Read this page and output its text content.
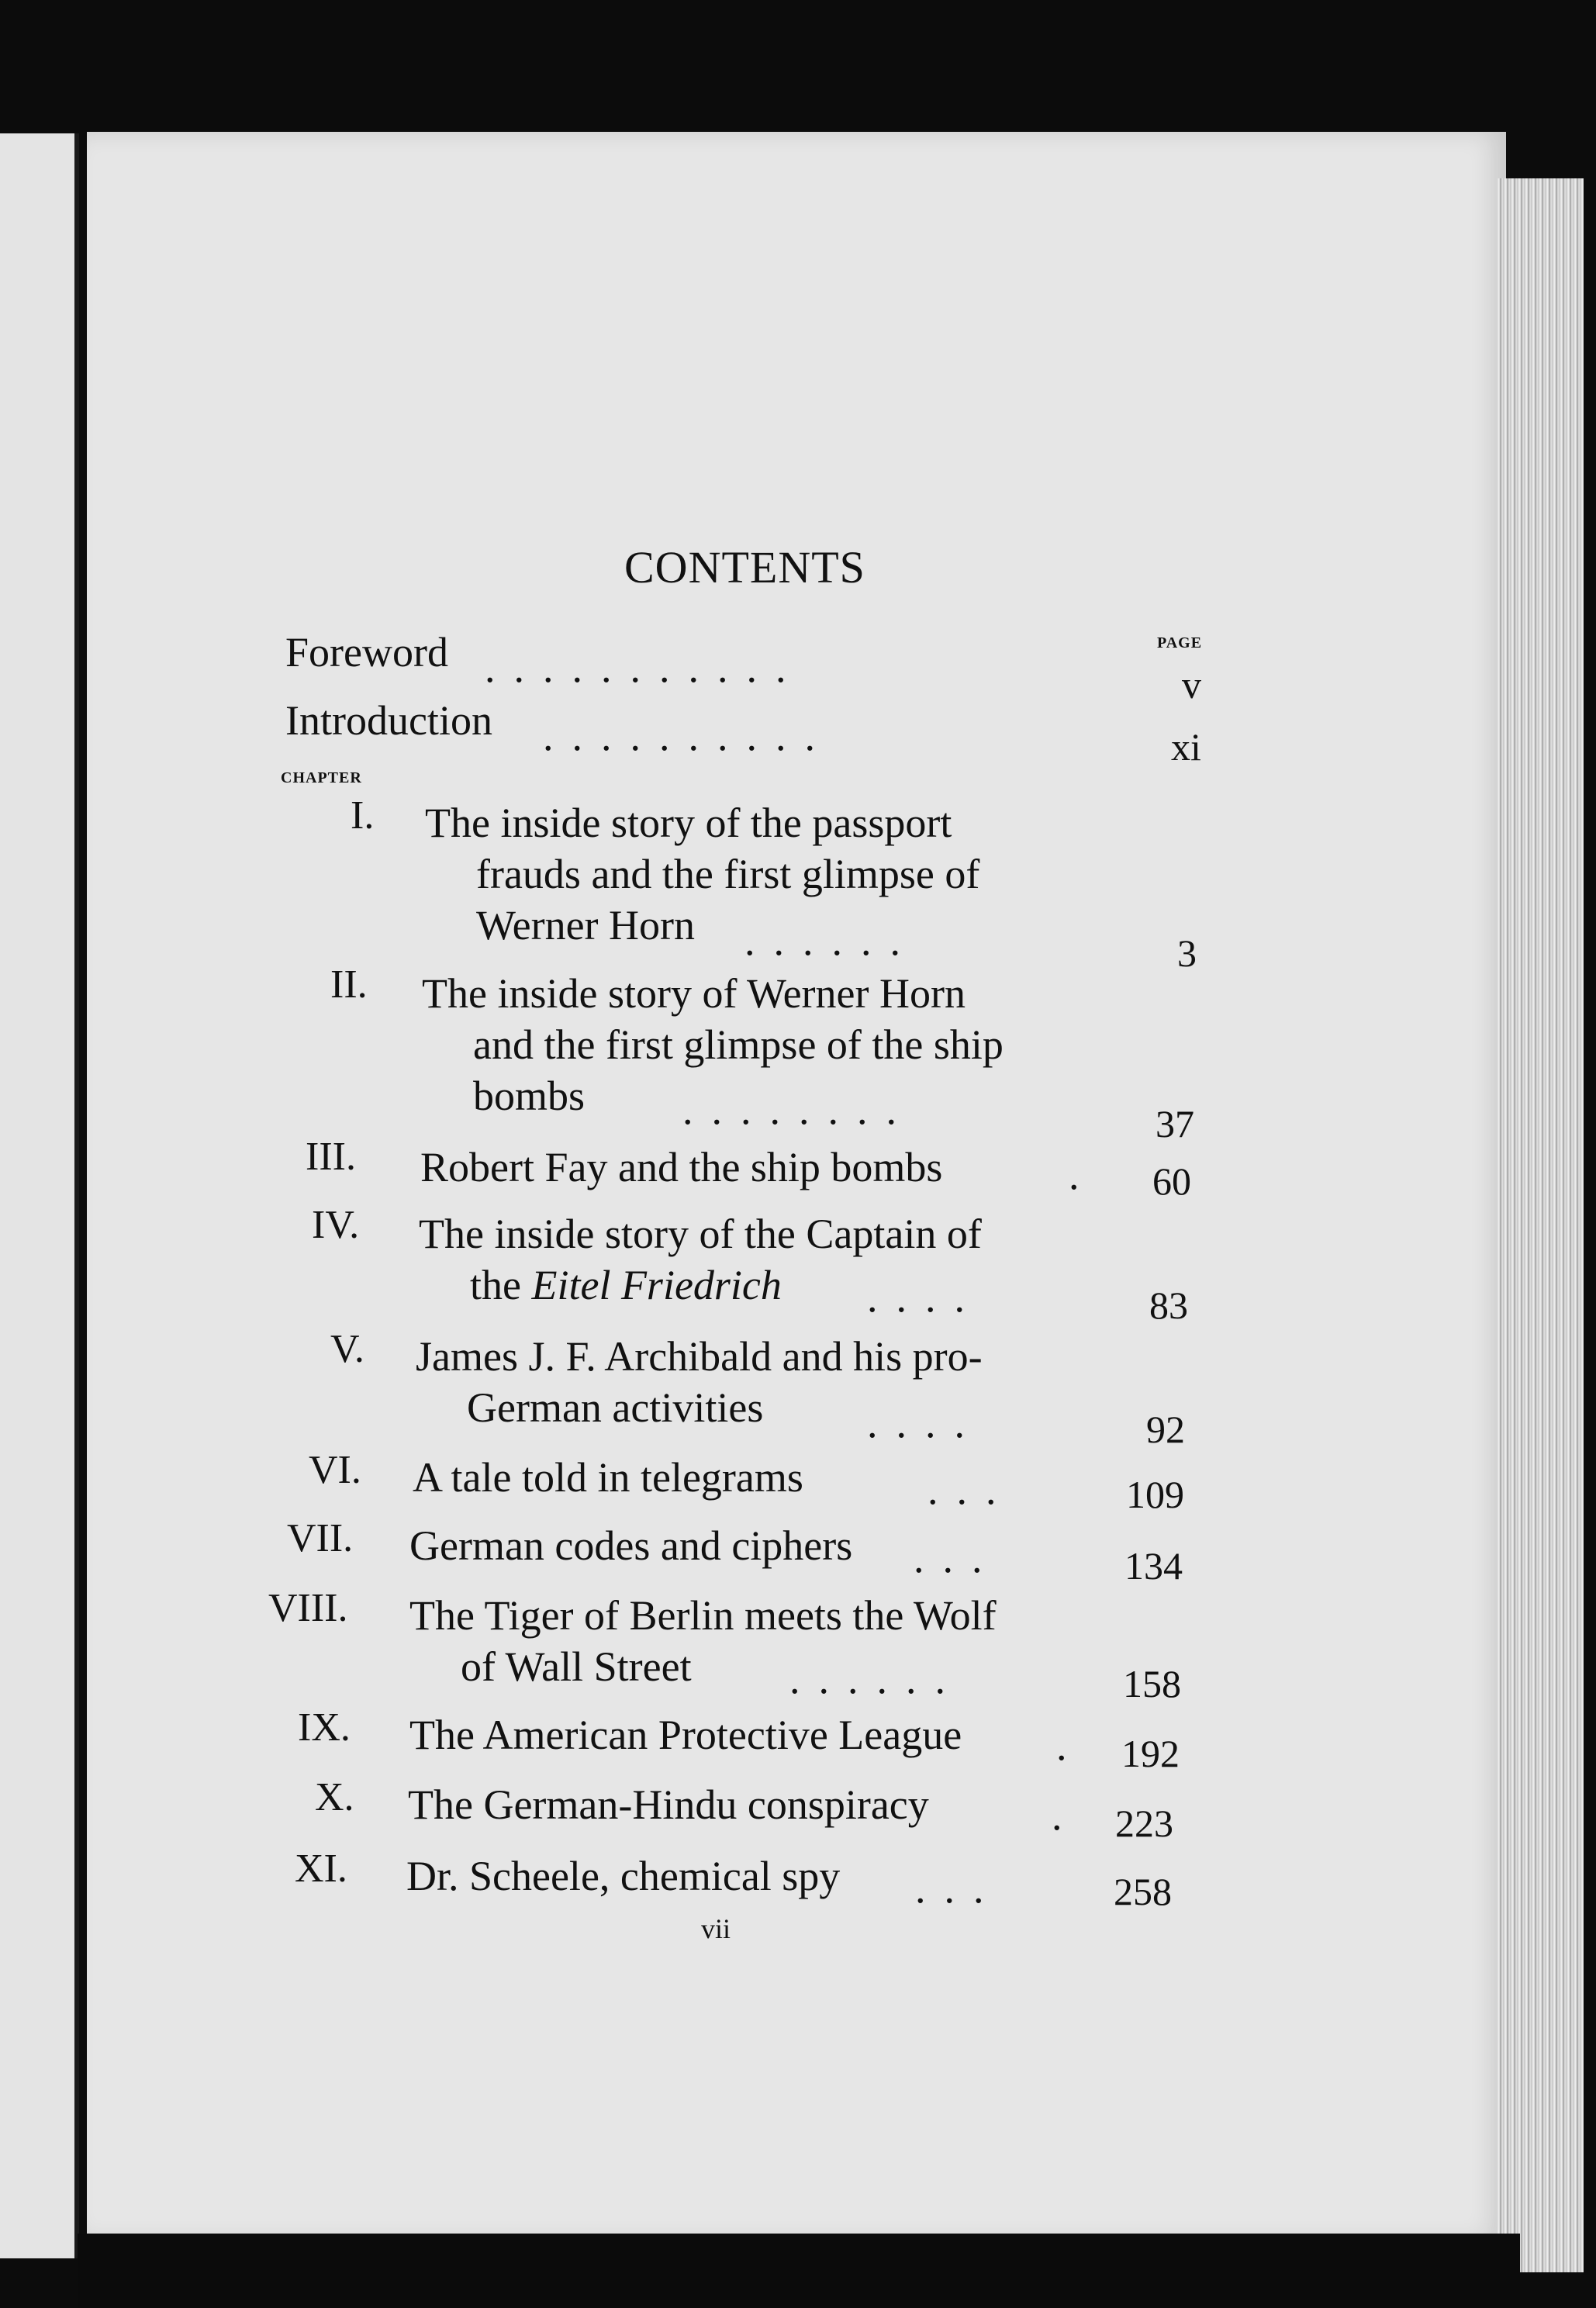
CONTENTS
PAGE
Foreword ...........	v
Introduction ..........	xi
CHAPTER
I. The inside story of the passport
frauds and the first glimpse of
Werner Horn ......	3
II. The inside story of Werner Horn
and the first glimpse of the ship
bombs ........	37
III. Robert Fay and the ship bombs	. 60
IV. The inside story of the Captain of
the Eitel Friedrich ....	83
V. James J. F. Archibald and his pro-
German activities ....	92
VI. A tale told in telegrams	...	109
VII. German codes and ciphers ...	134
VIII. The Tiger of Berlin meets the Wolf
of Wall Street ......	158
IX. The American Protective League . 192
X. The German-Hindu conspiracy	. 223
XI. Dr. Scheele, chemical spy ...	258
vii
